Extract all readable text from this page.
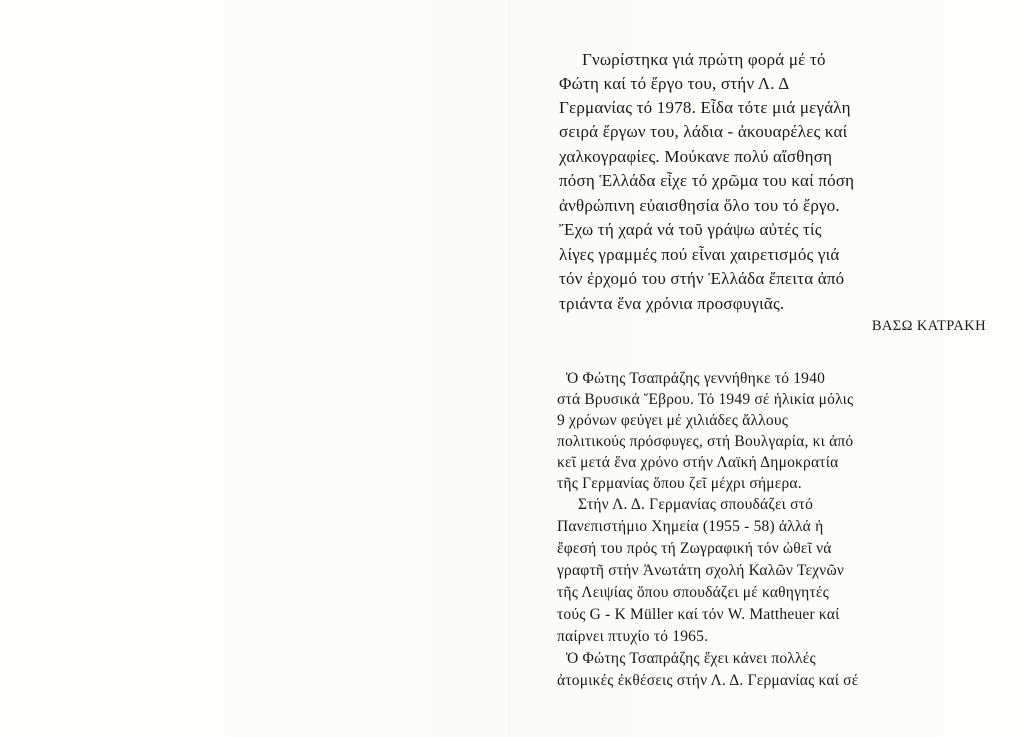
Γνωρίστηκα γιά πρώτη φορά μέ τό
Φώτη καί τό ἔργο του, στήν Λ. Δ
Γερμανίας τό 1978. Εἶδα τότε μιά μεγάλη
σειρά ἔργων του, λάδια - ἀκουαρέλες καί
χαλκογραφίες. Μούκανε πολύ αἴσθηση
πόση Ἑλλάδα εἶχε τό χρῶμα του καί πόση
ἀνθρώπινη εὐαισθησία ὅλο του τό ἔργο.
Ἔχω τή χαρά νά τοῦ γράψω αὐτές τίς
λίγες γραμμές πού εἶναι χαιρετισμός γιά
τόν ἐρχομό του στήν Ἑλλάδα ἔπειτα ἀπό
τριάντα ἕνα χρόνια προσφυγιᾶς.
ΒΑΣΩ ΚΑΤΡΑΚΗ
Ὁ Φώτης Τσαπράζης γεννήθηκε τό 1940
στά Βρυσικά Ἔβρου. Τό 1949 σέ ἡλικία μόλις
9 χρόνων φεύγει μέ χιλιάδες ἄλλους
πολιτικούς πρόσφυγες, στή Βουλγαρία, κι ἀπό
κεῖ μετά ἕνα χρόνο στήν Λαϊκή Δημοκρατία
τῆς Γερμανίας ὅπου ζεῖ μέχρι σήμερα.
Στήν Λ. Δ. Γερμανίας σπουδάζει στό
Πανεπιστήμιο Χημεία (1955 - 58) ἀλλά ἡ
ἔφεσή του πρός τή Ζωγραφική τόν ὠθεῖ νά
γραφτῆ στήν Ἀνωτάτη σχολή Καλῶν Τεχνῶν
τῆς Λειψίας ὅπου σπουδάζει μέ καθηγητές
τούς G - K Müller καί τόν W. Mattheuer καί
παίρνει πτυχίο τό 1965.
Ὁ Φώτης Τσαπράζης ἔχει κάνει πολλές
ἀτομικές ἐκθέσεις στήν Λ. Δ. Γερμανίας καί σέ
